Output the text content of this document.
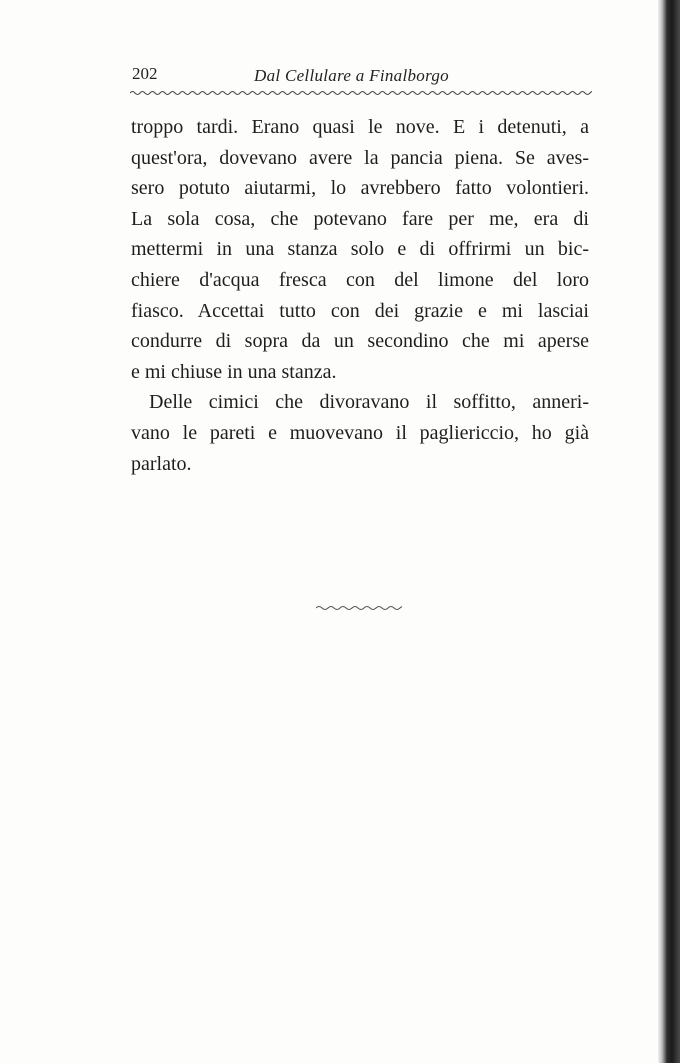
202	Dal Cellulare a Finalborgo

troppo tardi. Erano quasi le nove. E i detenuti, a
quest'ora, dovevano avere la pancia piena. Se aves-
sero potuto aiutarmi, lo avrebbero fatto volontieri.
La sola cosa, che potevano fare per me, era di
mettermi in una stanza solo e di offrirmi un bic-
chiere d'acqua fresca con del limone del loro
fiasco. Accettai tutto con dei grazie e mi lasciai
condurre di sopra da un secondino che mi aperse
e mi chiuse in una stanza.

Delle cimici che divoravano il soffitto, anneri-
vano le pareti e muovevano il pagliericcio, ho già
parlato.
